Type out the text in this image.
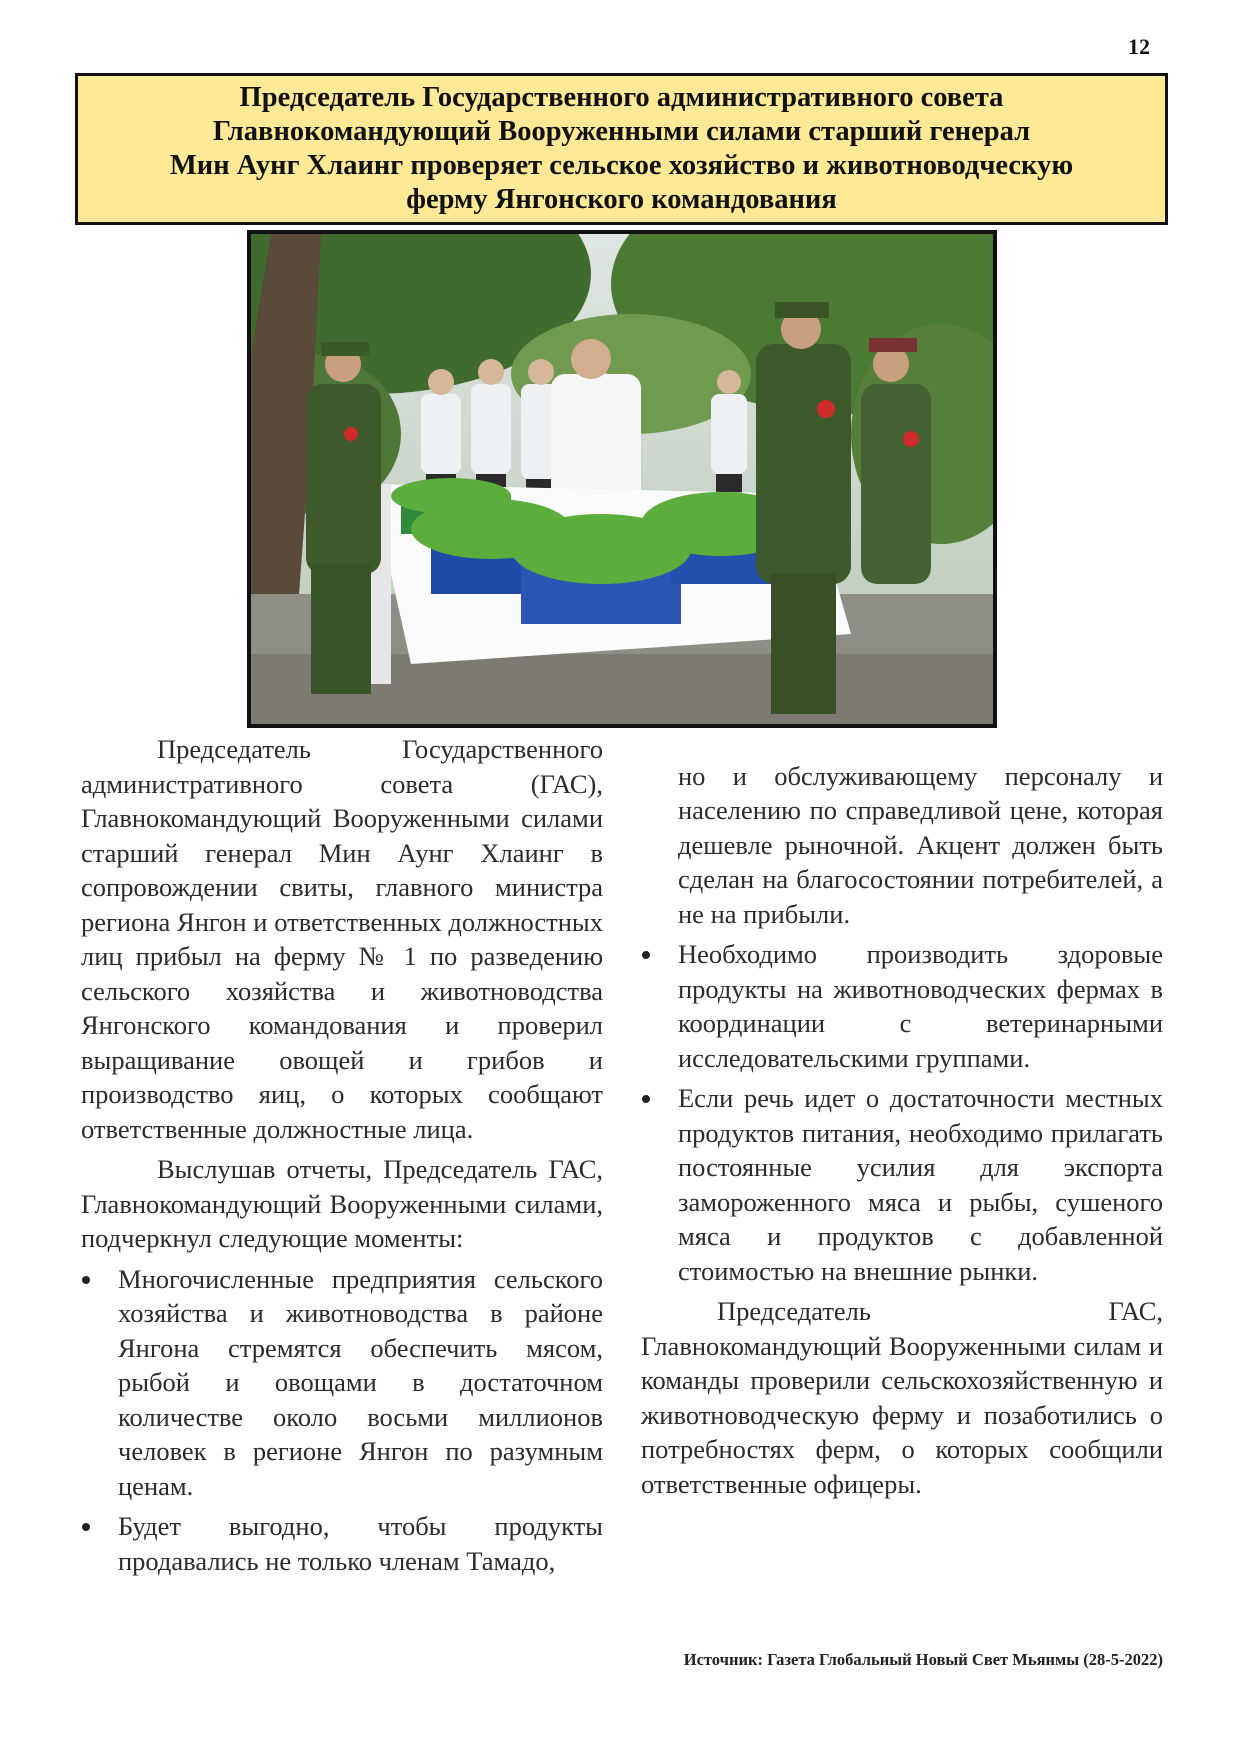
12
Председатель Государственного административного совета
Главнокомандующий Вооруженными силами старший генерал
Мин Аунг Хлаинг проверяет сельское хозяйство и животноводческую
ферму Янгонского командования

Председатель Государственного административного совета (ГАС), Главнокомандующий Вооруженными силами старший генерал Мин Аунг Хлаинг в сопровождении свиты, главного министра региона Янгон и ответственных должностных лиц прибыл на ферму № 1 по разведению сельского хозяйства и животноводства Янгонского командования и проверил выращивание овощей и грибов и производство яиц, о которых сообщают ответственные должностные лица.

Выслушав отчеты, Председатель ГАС, Главнокомандующий Вооруженными силами, подчеркнул следующие моменты:

Многочисленные предприятия сельского хозяйства и животноводства в районе Янгона стремятся обеспечить мясом, рыбой и овощами в достаточном количестве около восьми миллионов человек в регионе Янгон по разумным ценам.
Будет выгодно, чтобы продукты продавались не только членам Тамадо,

но и обслуживающему персоналу и населению по справедливой цене, которая дешевле рыночной. Акцент должен быть сделан на благосостоянии потребителей, а не на прибыли.

Необходимо производить здоровые продукты на животноводческих фермах в координации с ветеринарными исследовательскими группами.
Если речь идет о достаточности местных продуктов питания, необходимо прилагать постоянные усилия для экспорта замороженного мяса и рыбы, сушеного мяса и продуктов с добавленной стоимостью на внешние рынки.

Председатель ГАС, Главнокомандующий Вооруженными силам и команды проверили сельскохозяйственную и животноводческую ферму и позаботились о потребностях ферм, о которых сообщили ответственные офицеры.

Источник: Газета Глобальный Новый Свет Мьянмы (28-5-2022)
